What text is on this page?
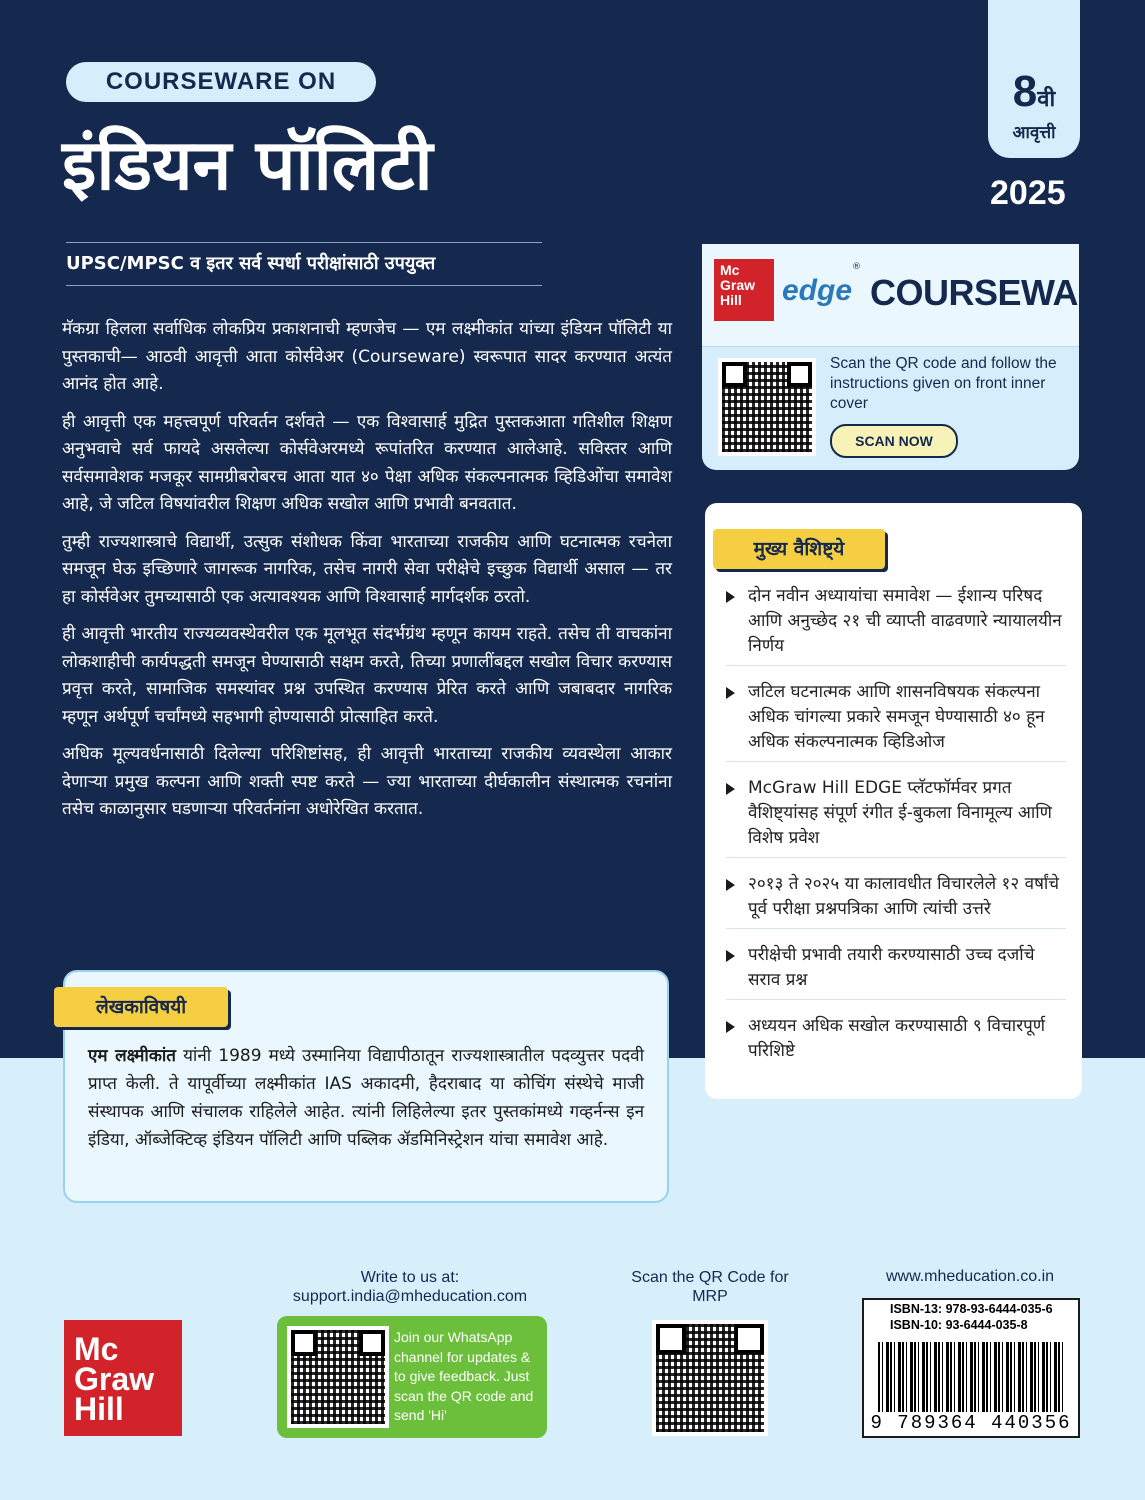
COURSEWARE ON
इंडियन पॉलिटी
UPSC/MPSC व इतर सर्व स्पर्धा परीक्षांसाठी उपयुक्त
8वी
आवृत्ती
2025

मॅकग्रा हिलला सर्वाधिक लोकप्रिय प्रकाशनाची म्हणजेच — एम लक्ष्मीकांत यांच्या इंडियन पॉलिटी या पुस्तकाची— आठवी आवृत्ती आता कोर्सवेअर (Courseware) स्वरूपात सादर करण्यात अत्यंत आनंद होत आहे.

ही आवृत्ती एक महत्त्वपूर्ण परिवर्तन दर्शवते — एक विश्वासार्ह मुद्रित पुस्तकआता गतिशील शिक्षण अनुभवाचे सर्व फायदे असलेल्या कोर्सवेअरमध्ये रूपांतरित करण्यात आलेआहे. सविस्तर आणि सर्वसमावेशक मजकूर सामग्रीबरोबरच आता यात ४० पेक्षा अधिक संकल्पनात्मक व्हिडिओंचा समावेश आहे, जे जटिल विषयांवरील शिक्षण अधिक सखोल आणि प्रभावी बनवतात.

तुम्ही राज्यशास्त्राचे विद्यार्थी, उत्सुक संशोधक किंवा भारताच्या राजकीय आणि घटनात्मक रचनेला समजून घेऊ इच्छिणारे जागरूक नागरिक, तसेच नागरी सेवा परीक्षेचे इच्छुक विद्यार्थी असाल — तर हा कोर्सवेअर तुमच्यासाठी एक अत्यावश्यक आणि विश्वासार्ह मार्गदर्शक ठरतो.

ही आवृत्ती भारतीय राज्यव्यवस्थेवरील एक मूलभूत संदर्भग्रंथ म्हणून कायम राहते. तसेच ती वाचकांना लोकशाहीची कार्यपद्धती समजून घेण्यासाठी सक्षम करते, तिच्या प्रणालींबद्दल सखोल विचार करण्यास प्रवृत्त करते, सामाजिक समस्यांवर प्रश्न उपस्थित करण्यास प्रेरित करते आणि जबाबदार नागरिक म्हणून अर्थपूर्ण चर्चांमध्ये सहभागी होण्यासाठी प्रोत्साहित करते.

अधिक मूल्यवर्धनासाठी दिलेल्या परिशिष्टांसह, ही आवृत्ती भारताच्या राजकीय व्यवस्थेला आकार देणाऱ्या प्रमुख कल्पना आणि शक्ती स्पष्ट करते — ज्या भारताच्या दीर्घकालीन संस्थात्मक रचनांना तसेच काळानुसार घडणाऱ्या परिवर्तनांना अधोरेखित करतात.

Mc Graw Hill	edge
®
COURSEWARE
Scan the QR code and follow the instructions given on front inner cover
SCAN NOW
मुख्य वैशिष्ट्ये
दोन नवीन अध्यायांचा समावेश — ईशान्य परिषद आणि अनुच्छेद २१ ची व्याप्ती वाढवणारे न्यायालयीन निर्णय
जटिल घटनात्मक आणि शासनविषयक संकल्पना अधिक चांगल्या प्रकारे समजून घेण्यासाठी ४० हून अधिक संकल्पनात्मक व्हिडिओज
McGraw Hill EDGE प्लॅटफॉर्मवर प्रगत वैशिष्ट्यांसह संपूर्ण रंगीत ई-बुकला विनामूल्य आणि विशेष प्रवेश
२०१३ ते २०२५ या कालावधीत विचारलेले १२ वर्षांचे पूर्व परीक्षा प्रश्नपत्रिका आणि त्यांची उत्तरे
परीक्षेची प्रभावी तयारी करण्यासाठी उच्च दर्जाचे सराव प्रश्न
अध्ययन अधिक सखोल करण्यासाठी ९ विचारपूर्ण परिशिष्टे
लेखकाविषयी
एम लक्ष्मीकांत यांनी 1989 मध्ये उस्मानिया विद्यापीठातून राज्यशास्त्रातील पदव्युत्तर पदवी प्राप्त केली. ते यापूर्वीच्या लक्ष्मीकांत IAS अकादमी, हैदराबाद या कोचिंग संस्थेचे माजी संस्थापक आणि संचालक राहिलेले आहेत. त्यांनी लिहिलेल्या इतर पुस्तकांमध्ये गव्हर्नन्स इन इंडिया, ऑब्जेक्टिव्ह इंडियन पॉलिटी आणि पब्लिक ॲडमिनिस्ट्रेशन यांचा समावेश आहे.
Mc
Graw
Hill
Write to us at:
support.india@mheducation.com
Join our WhatsApp channel for updates & to give feedback. Just scan the QR code and send 'Hi'
Scan the QR Code for MRP
www.mheducation.co.in
ISBN-13: 978-93-6444-035-6
ISBN-10: 93-6444-035-8
9 789364 440356
